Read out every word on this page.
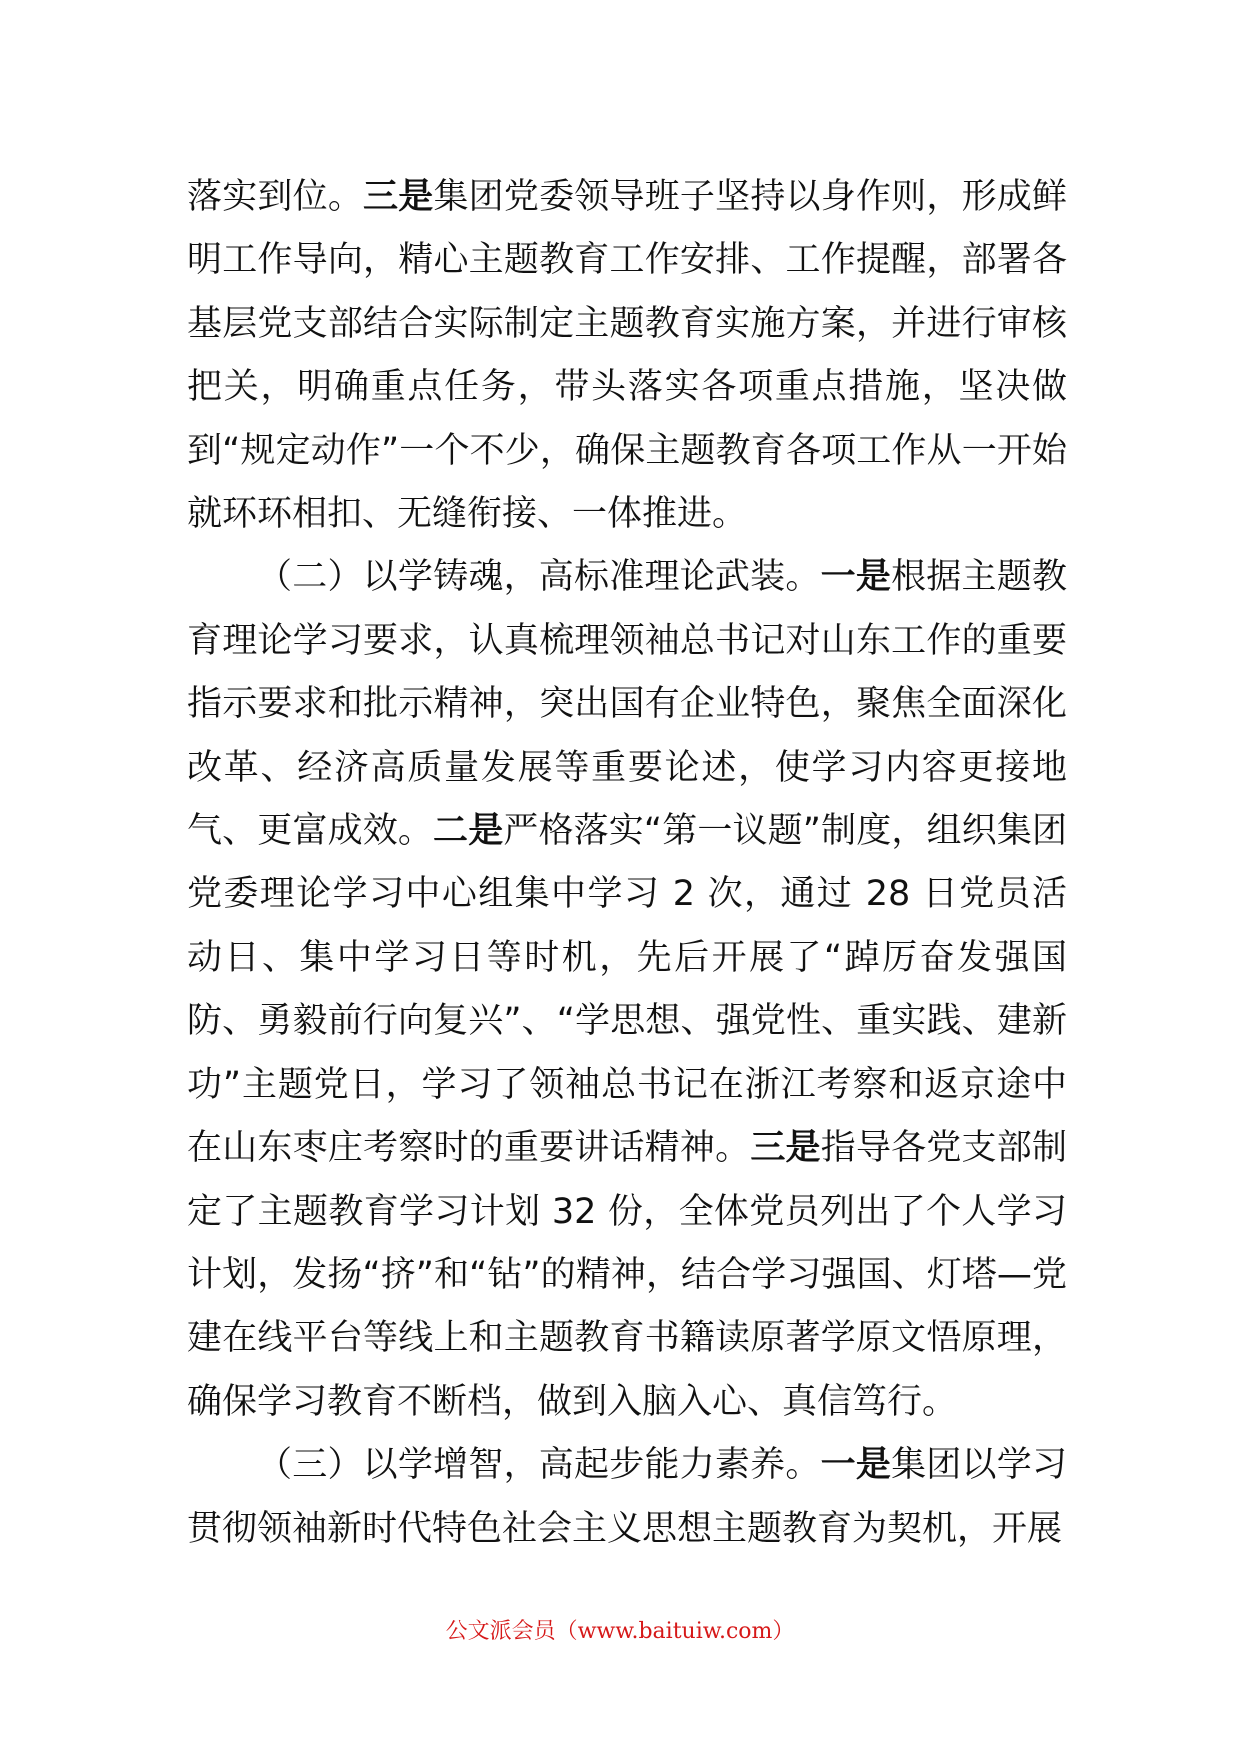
落实到位。三是集团党委领导班子坚持以身作则，形成鲜明工作导向，精心主题教育工作安排、工作提醒，部署各基层党支部结合实际制定主题教育实施方案，并进行审核把关，明确重点任务，带头落实各项重点措施，坚决做到“规定动作”一个不少，确保主题教育各项工作从一开始就环环相扣、无缝衔接、一体推进。

（二）以学铸魂，高标准理论武装。一是根据主题教育理论学习要求，认真梳理领袖总书记对山东工作的重要指示要求和批示精神，突出国有企业特色，聚焦全面深化改革、经济高质量发展等重要论述，使学习内容更接地气、更富成效。二是严格落实“第一议题”制度，组织集团党委理论学习中心组集中学习 2 次，通过 28 日党员活动日、集中学习日等时机，先后开展了“踔厉奋发强国防、勇毅前行向复兴”、“学思想、强党性、重实践、建新功”主题党日，学习了领袖总书记在浙江考察和返京途中在山东枣庄考察时的重要讲话精神。三是指导各党支部制定了主题教育学习计划 32 份，全体党员列出了个人学习计划，发扬“挤”和“钻”的精神，结合学习强国、灯塔—党建在线平台等线上和主题教育书籍读原著学原文悟原理，确保学习教育不断档，做到入脑入心、真信笃行。

（三）以学增智，高起步能力素养。一是集团以学习贯彻领袖新时代特色社会主义思想主题教育为契机，开展

公文派会员（www.baituiw.com）
